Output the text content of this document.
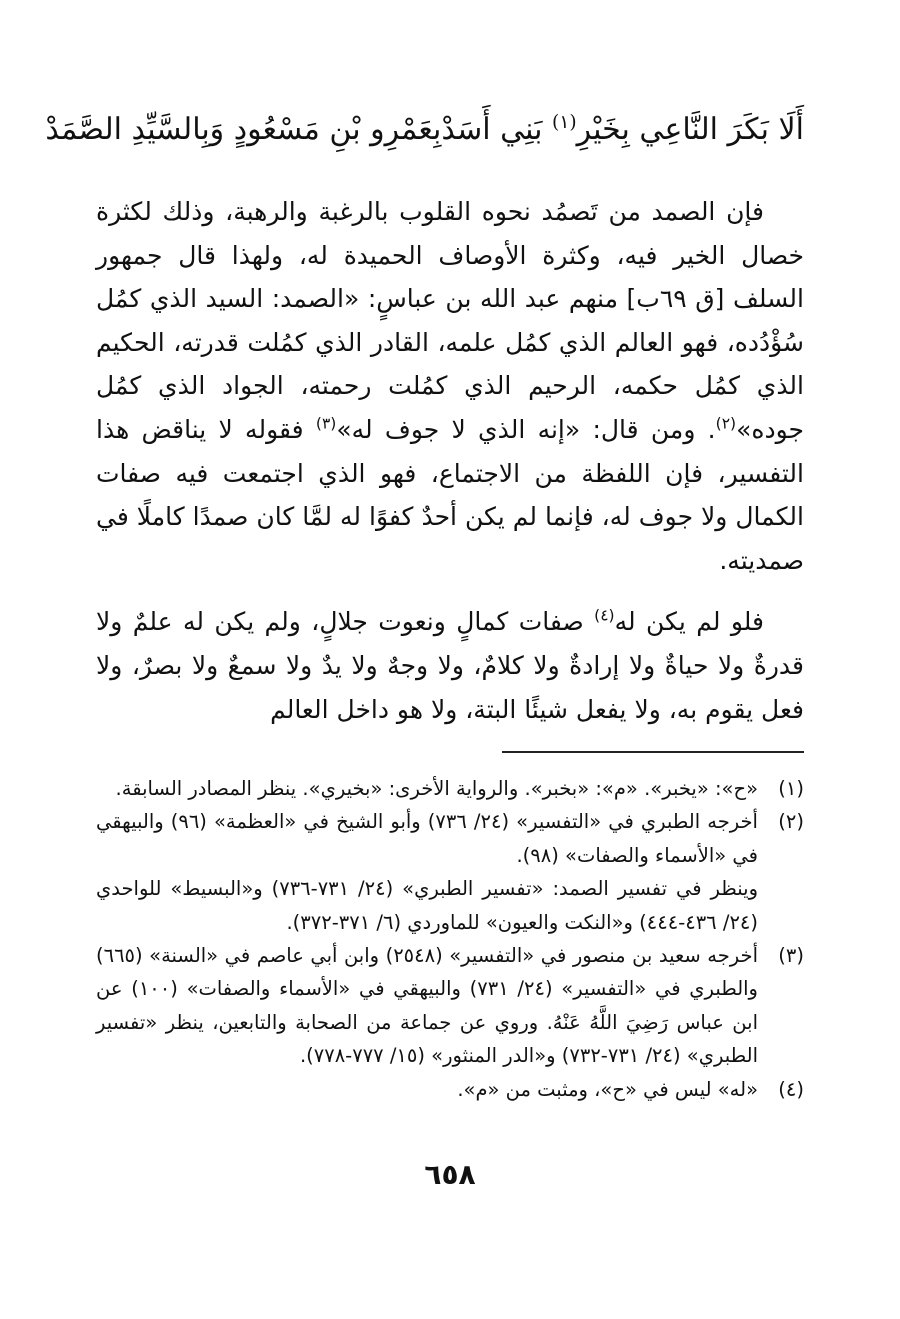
أَلَا بَكَرَ النَّاعِي بِخَيْرِ$^{(١)}$ بَنِي أَسَدْ
بِعَمْرِو بْنِ مَسْعُودٍ وَبِالسَّيِّدِ الصَّمَدْ

فإن الصمد من تَصمُد نحوه القلوب بالرغبة والرهبة، وذلك لكثرة خصال الخير فيه، وكثرة الأوصاف الحميدة له، ولهذا قال جمهور السلف [ق ٦٩ب] منهم عبد الله بن عباسٍ: «الصمد: السيد الذي كمُل سُؤْدُده، فهو العالم الذي كمُل علمه، القادر الذي كمُلت قدرته، الحكيم الذي كمُل حكمه، الرحيم الذي كمُلت رحمته، الجواد الذي كمُل جوده»$^{(٢)}$. ومن قال: «إنه الذي لا جوف له»$^{(٣)}$ فقوله لا يناقض هذا التفسير، فإن اللفظة من الاجتماع، فهو الذي اجتمعت فيه صفات الكمال ولا جوف له، فإنما لم يكن أحدٌ كفوًا له لمَّا كان صمدًا كاملًا في صمديته.

فلو لم يكن له$^{(٤)}$ صفات كمالٍ ونعوت جلالٍ، ولم يكن له علمٌ ولا قدرةٌ ولا حياةٌ ولا إرادةٌ ولا كلامٌ، ولا وجهٌ ولا يدٌ ولا سمعٌ ولا بصرٌ، ولا فعل يقوم به، ولا يفعل شيئًا البتة، ولا هو داخل العالم

(١)
«ح»: «يخبر». «م»: «بخبر». والرواية الأخرى: «بخيري». ينظر المصادر السابقة.
(٢)
أخرجه الطبري في «التفسير» (٢٤/ ٧٣٦) وأبو الشيخ في «العظمة» (٩٦) والبيهقي في «الأسماء والصفات» (٩٨).
وينظر في تفسير الصمد: «تفسير الطبري» (٢٤/ ٧٣١-٧٣٦) و«البسيط» للواحدي (٢٤/ ٤٣٦-٤٤٤) و«النكت والعيون» للماوردي (٦/ ٣٧١-٣٧٢).
(٣)
أخرجه سعيد بن منصور في «التفسير» (٢٥٤٨) وابن أبي عاصم في «السنة» (٦٦٥) والطبري في «التفسير» (٢٤/ ٧٣١) والبيهقي في «الأسماء والصفات» (١٠٠) عن ابن عباس رَضِيَ اللَّهُ عَنْهُ. وروي عن جماعة من الصحابة والتابعين، ينظر «تفسير الطبري» (٢٤/ ٧٣١-٧٣٢) و«الدر المنثور» (١٥/ ٧٧٧-٧٧٨).
(٤)
«له» ليس في «ح»، ومثبت من «م».
٦٥٨
